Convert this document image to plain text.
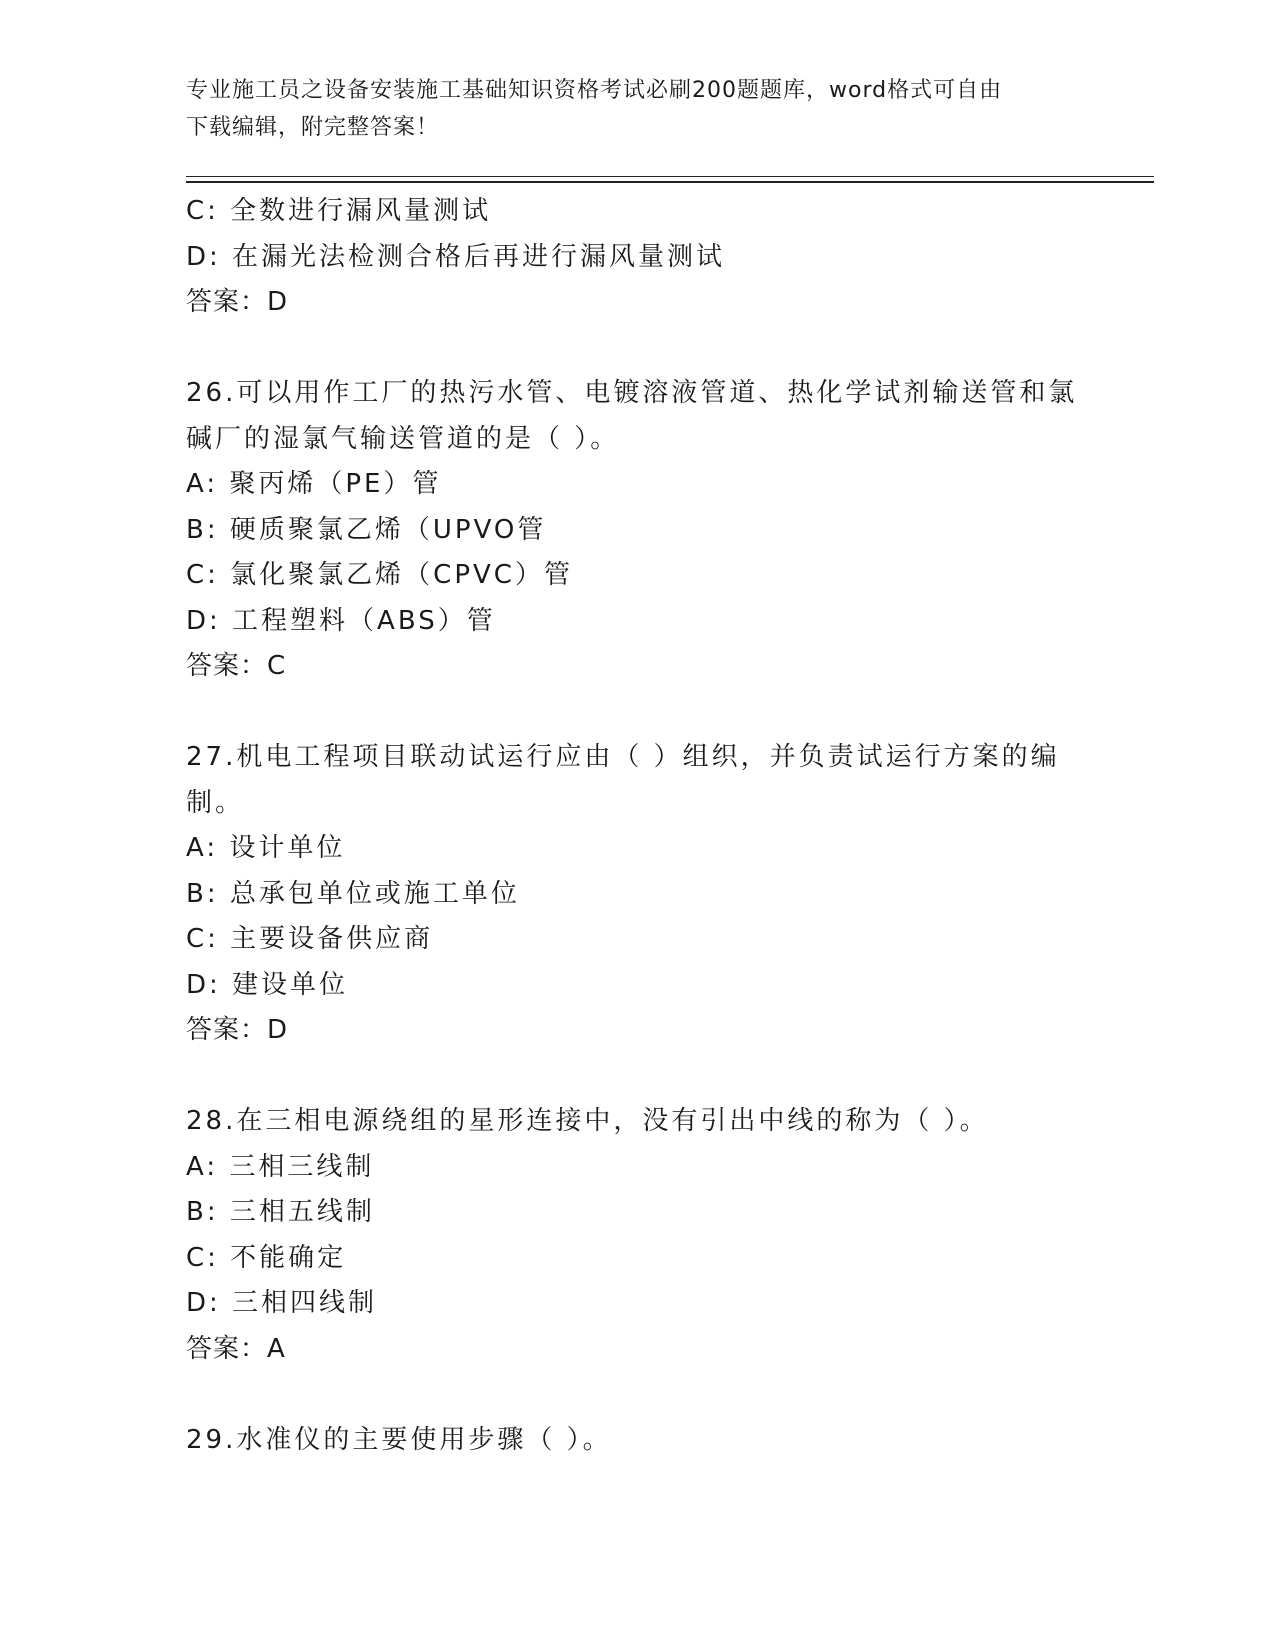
专业施工员之设备安装施工基础知识资格考试必刷200题题库，word格式可自由
下载编辑，附完整答案！
C: 全数进行漏风量测试
D: 在漏光法检测合格后再进行漏风量测试
答案：D
26.可以用作工厂的热污水管、电镀溶液管道、热化学试剂输送管和氯
碱厂的湿氯气输送管道的是（ ）。
A: 聚丙烯（PE）管
B: 硬质聚氯乙烯（UPVO管
C: 氯化聚氯乙烯（CPVC）管
D: 工程塑料（ABS）管
答案：C
27.机电工程项目联动试运行应由（ ）组织，并负责试运行方案的编
制。
A: 设计单位
B: 总承包单位或施工单位
C: 主要设备供应商
D: 建设单位
答案：D
28.在三相电源绕组的星形连接中，没有引出中线的称为（ ）。
A: 三相三线制
B: 三相五线制
C: 不能确定
D: 三相四线制
答案：A
29.水准仪的主要使用步骤（ ）。
